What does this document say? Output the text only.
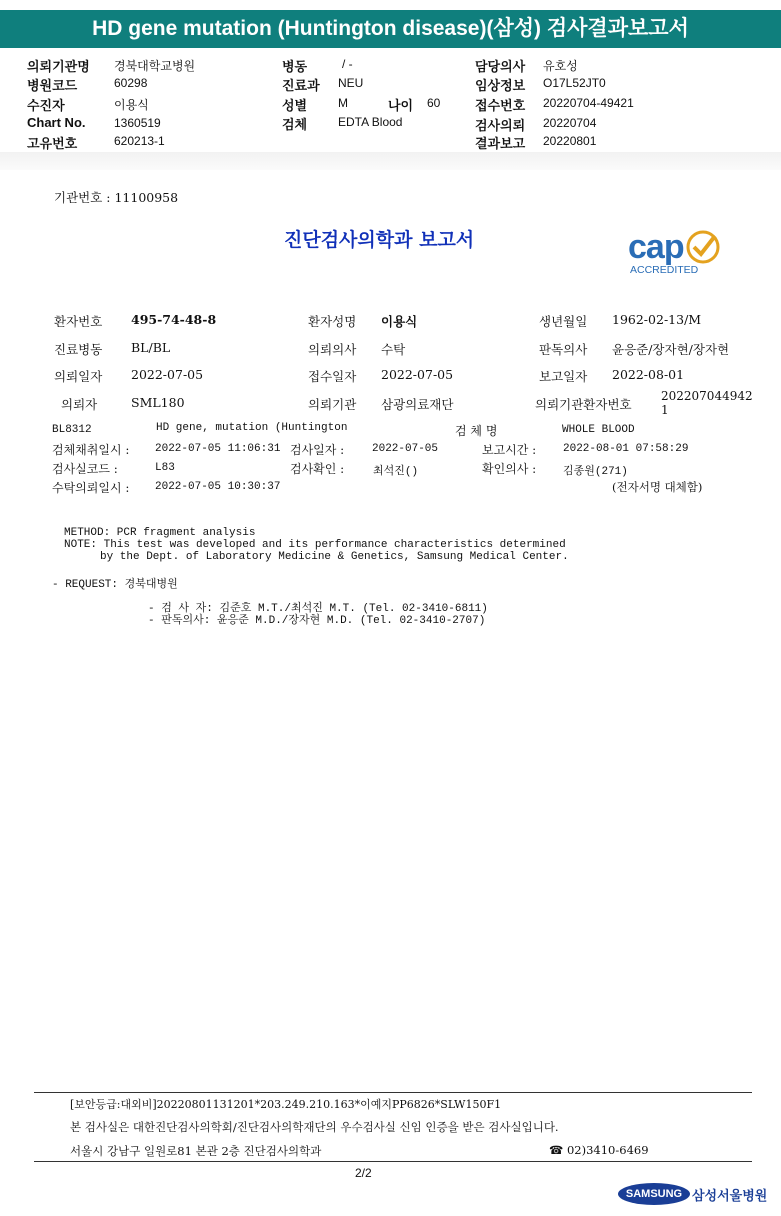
HD gene mutation (Huntington disease)(삼성) 검사결과보고서
의뢰기관명 경북대학교병원
병원코드	60298
수진자	이용식
Chart No. 1360519
고유번호	620213-1
병동	/ -
진료과 NEU
성별	M	나이 60
검체	EDTA Blood
담당의사 유호성
임상정보 O17L52JT0
접수번호 20220704-49421
검사의뢰 20220704
결과보고 20220801
기관번호 : 11100958
진단검사의학과 보고서	cap
ACCREDITED
환자번호 495-74-48-8	환자성명 이용식	생년월일 1962-02-13/M
진료병동 BL/BL	의뢰의사 수탁	판독의사 윤응준/장자현/장자현
의뢰일자 2022-07-05	접수일자 2022-07-05	보고일자 2022-08-01
의뢰자	SML180	의뢰기관 삼광의료재단	의뢰기관환자번호
202207044942
1
BL8312	HD gene, mutation (Huntington	검 체 명	WHOLE BLOOD
검체채취일시 : 2022-07-05 11:06:31 검사일자 :	2022-07-05	보고시간 : 2022-08-01 07:58:29
검사실코드 :	L83	검사확인 :	최석진()	확인의사 : 김종원(271)
수탁의뢰일시 : 2022-07-05 10:30:37	(전자서명 대체함)
METHOD: PCR fragment analysis
NOTE: This test was developed and its performance characteristics determined
by the Dept. of Laboratory Medicine & Genetics, Samsung Medical Center.
- REQUEST: 경북대병원
- 검 사 자: 김준호 M.T./최석진 M.T. (Tel. 02-3410-6811)
- 판독의사: 윤응준 M.D./장자현 M.D. (Tel. 02-3410-2707)
[보안등급:대외비]20220801131201*203.249.210.163*이예지PP6826*SLW150F1
본 검사실은 대한진단검사의학회/진단검사의학재단의 우수검사실 신임 인증을 받은 검사실입니다.
서울시 강남구 일원로81 본관 2층 진단검사의학과	☎ 02)3410-6469
2/2
SAMSUNG 삼성서울병원
